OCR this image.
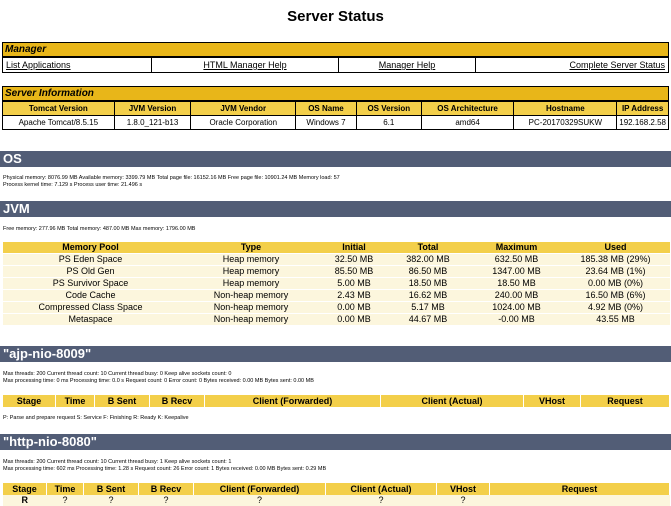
Server Status
Manager
List Applications	HTML Manager Help	Manager Help	Complete Server Status
Server Information
Tomcat Version	JVM Version	JVM Vendor	OS Name	OS Version	OS Architecture	Hostname	IP Address
Apache Tomcat/8.5.15	1.8.0_121-b13	Oracle Corporation	Windows 7	6.1	amd64	PC-20170329SUKW	192.168.2.58
OS
Physical memory: 8076.99 MB Available memory: 3399.79 MB Total page file: 16152.16 MB Free page file: 10901.24 MB Memory load: 57
Process kernel time: 7.129 s Process user time: 21.496 s
JVM
Free memory: 277.96 MB Total memory: 487.00 MB Max memory: 1796.00 MB
Memory Pool	Type	Initial	Total	Maximum	Used
PS Eden Space	Heap memory	32.50 MB	382.00 MB	632.50 MB	185.38 MB (29%)
PS Old Gen	Heap memory	85.50 MB	86.50 MB	1347.00 MB	23.64 MB (1%)
PS Survivor Space	Heap memory	5.00 MB	18.50 MB	18.50 MB	0.00 MB (0%)
Code Cache	Non-heap memory	2.43 MB	16.62 MB	240.00 MB	16.50 MB (6%)
Compressed Class Space	Non-heap memory	0.00 MB	5.17 MB	1024.00 MB	4.92 MB (0%)
Metaspace	Non-heap memory	0.00 MB	44.67 MB	-0.00 MB	43.55 MB
"ajp-nio-8009"
Max threads: 200 Current thread count: 10 Current thread busy: 0 Keep alive sockets count: 0
Max processing time: 0 ms Processing time: 0.0 s Request count: 0 Error count: 0 Bytes received: 0.00 MB Bytes sent: 0.00 MB
Stage	Time	B Sent	B Recv	Client (Forwarded)	Client (Actual)	VHost	Request
P: Parse and prepare request S: Service F: Finishing R: Ready K: Keepalive
"http-nio-8080"
Max threads: 200 Current thread count: 10 Current thread busy: 1 Keep alive sockets count: 1
Max processing time: 602 ms Processing time: 1.28 s Request count: 26 Error count: 1 Bytes received: 0.00 MB Bytes sent: 0.29 MB
Stage	Time	B Sent	B Recv	Client (Forwarded)	Client (Actual)	VHost	Request
R	?	?	?	?	?	?	
